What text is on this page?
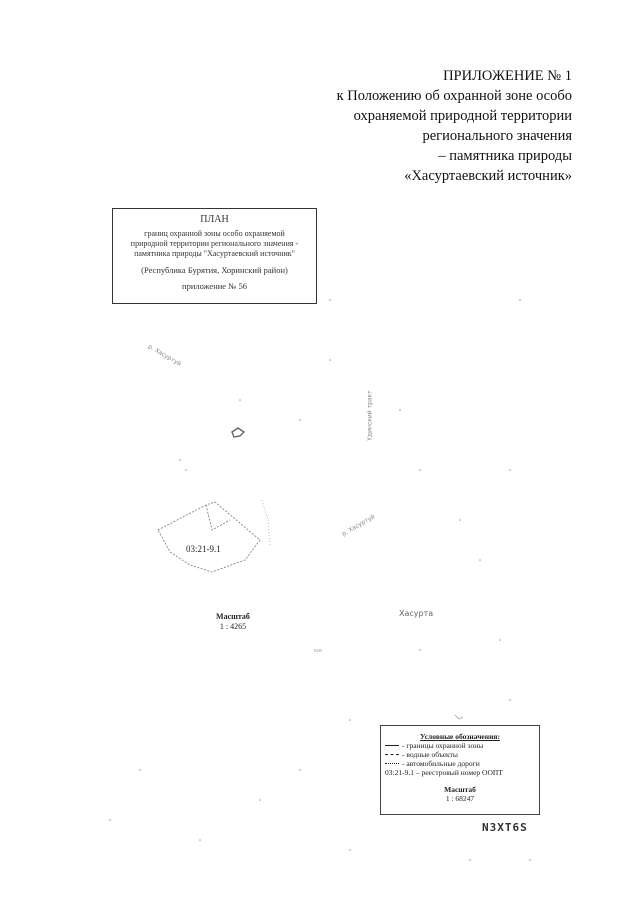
ПРИЛОЖЕНИЕ № 1
к Положению об охранной зоне особо
охраняемой природной территории
регионального значения
– памятника природы
«Хасуртаевский источник»
ПЛАН
границ охранной зоны особо охраняемой
природной территории регионального значения -
памятника природы "Хасуртаевский источник"
(Республика Бурятия, Хоринский район)
приложение № 56
р. Хасуртуй
Удинский тракт
р. Хасуртуй
03:21-9.1
Масштаб
1 : 4265
Хасурта
9235
Условные обозначения:
- границы охранной зоны
- водные объекты
- автомобильные дороги
03:21-9.1 – реестровый номер ООПТ
Масштаб
1 : 68247
N3XT6S
